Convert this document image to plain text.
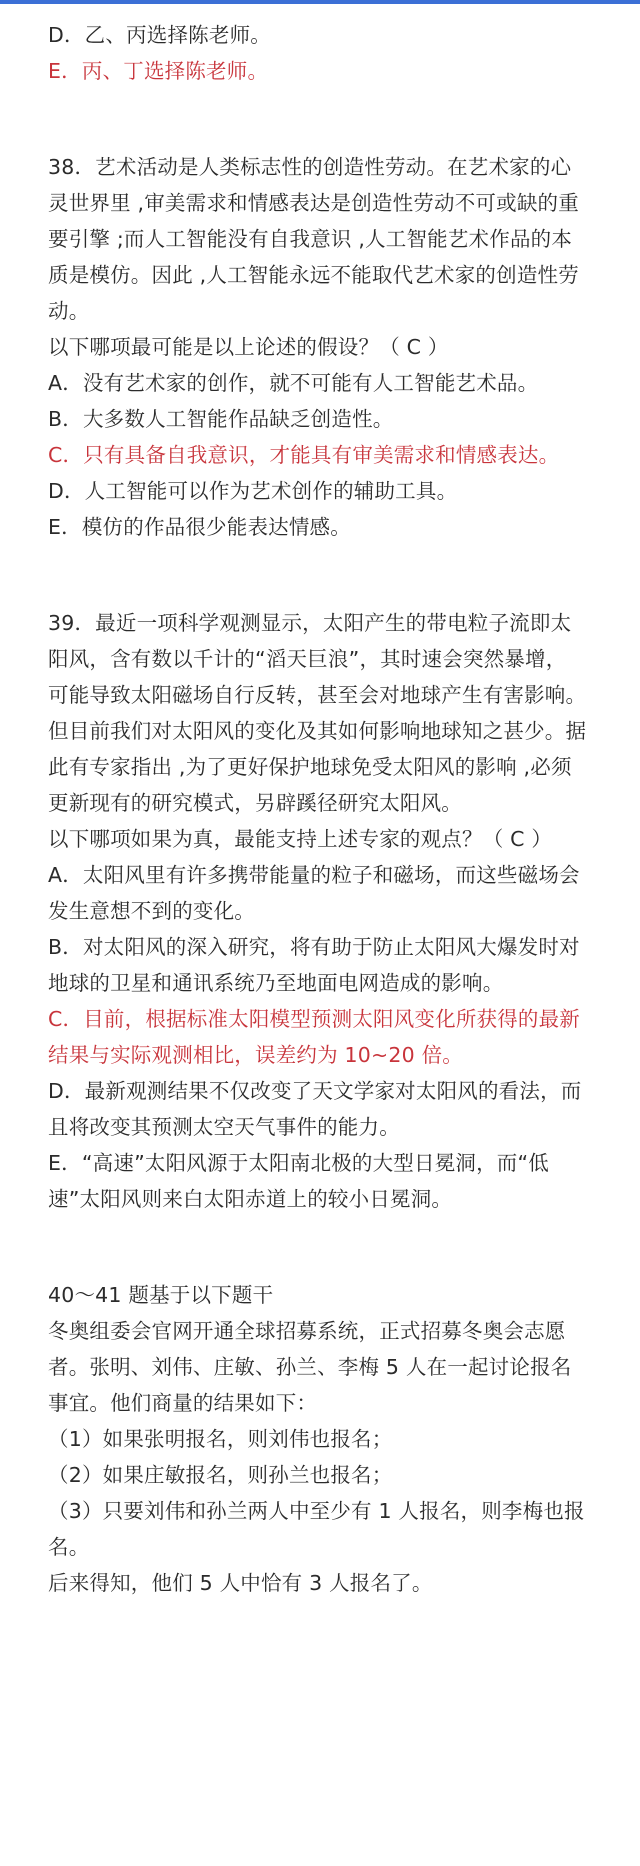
D．乙、丙选择陈老师。
E．丙、丁选择陈老师。
38．艺术活动是人类标志性的创造性劳动。在艺术家的心
灵世界里 ,审美需求和情感表达是创造性劳动不可或缺的重
要引擎 ;而人工智能没有自我意识 ,人工智能艺术作品的本
质是模仿。因此 ,人工智能永远不能取代艺术家的创造性劳
动。
以下哪项最可能是以上论述的假设？（ C ）
A．没有艺术家的创作，就不可能有人工智能艺术品。
B．大多数人工智能作品缺乏创造性。
C．只有具备自我意识，才能具有审美需求和情感表达。
D．人工智能可以作为艺术创作的辅助工具。
E．模仿的作品很少能表达情感。
39．最近一项科学观测显示，太阳产生的带电粒子流即太
阳风，含有数以千计的“滔天巨浪”，其时速会突然暴增，
可能导致太阳磁场自行反转，甚至会对地球产生有害影响。
但目前我们对太阳风的变化及其如何影响地球知之甚少。据
此有专家指出 ,为了更好保护地球免受太阳风的影响 ,必须
更新现有的研究模式，另辟蹊径研究太阳风。
以下哪项如果为真，最能支持上述专家的观点？（ C ）
A．太阳风里有许多携带能量的粒子和磁场，而这些磁场会
发生意想不到的变化。
B．对太阳风的深入研究，将有助于防止太阳风大爆发时对
地球的卫星和通讯系统乃至地面电网造成的影响。
C．目前，根据标准太阳模型预测太阳风变化所获得的最新
结果与实际观测相比，误差约为 10~20 倍。
D．最新观测结果不仅改变了天文学家对太阳风的看法，而
且将改变其预测太空天气事件的能力。
E．“高速”太阳风源于太阳南北极的大型日冕洞，而“低
速”太阳风则来白太阳赤道上的较小日冕洞。
40～41 题基于以下题干
冬奥组委会官网开通全球招募系统，正式招募冬奥会志愿
者。张明、刘伟、庄敏、孙兰、李梅 5 人在一起讨论报名
事宜。他们商量的结果如下：
（1）如果张明报名，则刘伟也报名；
（2）如果庄敏报名，则孙兰也报名；
（3）只要刘伟和孙兰两人中至少有 1 人报名，则李梅也报
名。
后来得知，他们 5 人中恰有 3 人报名了。
